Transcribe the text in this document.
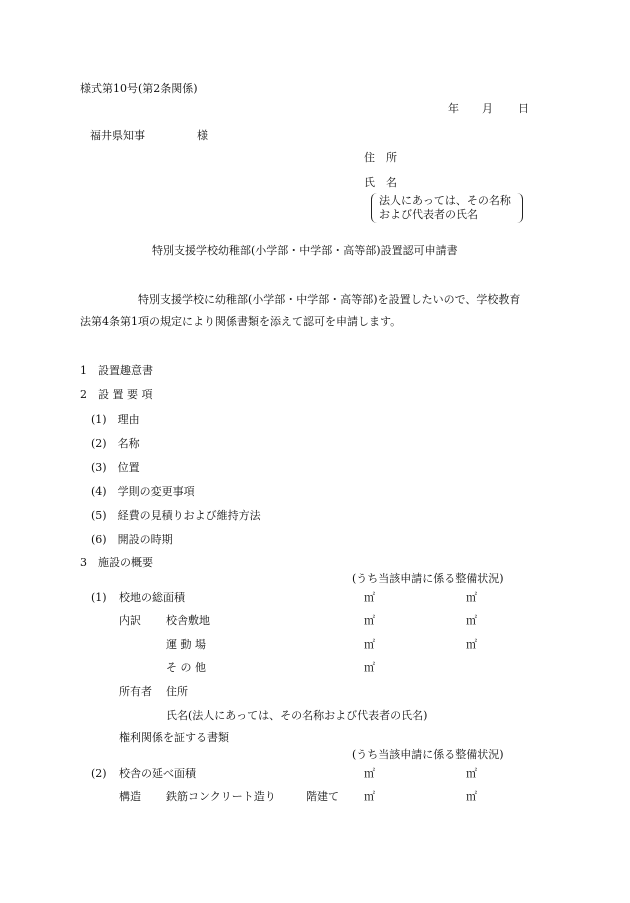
様式第10号(第2条関係)
年 月 日
福井県知事	様
住　所
氏　名
法人にあっては、その名称
および代表者の氏名
特別支援学校幼稚部(小学部・中学部・高等部)設置認可申請書
特別支援学校に幼稚部(小学部・中学部・高等部)を設置したいので、学校教育
法第4条第1項の規定により関係書類を添えて認可を申請します。
1　設置趣意書
2　設 置 要 項
(1)　理由
(2)　名称
(3)　位置
(4)　学則の変更事項
(5)　経費の見積りおよび維持方法
(6)　開設の時期
3　施設の概要
(うち当該申請に係る整備状況)
(1) 校地の総面積	㎡	㎡
内訳 校舎敷地	㎡	㎡
運 動 場	㎡	㎡
そ の 他	㎡
所有者 住所
氏名(法人にあっては、その名称および代表者の氏名)
権利関係を証する書類
(うち当該申請に係る整備状況)
(2) 校舎の延べ面積	㎡	㎡
構造 鉄筋コンクリート造り	階建て ㎡	㎡
